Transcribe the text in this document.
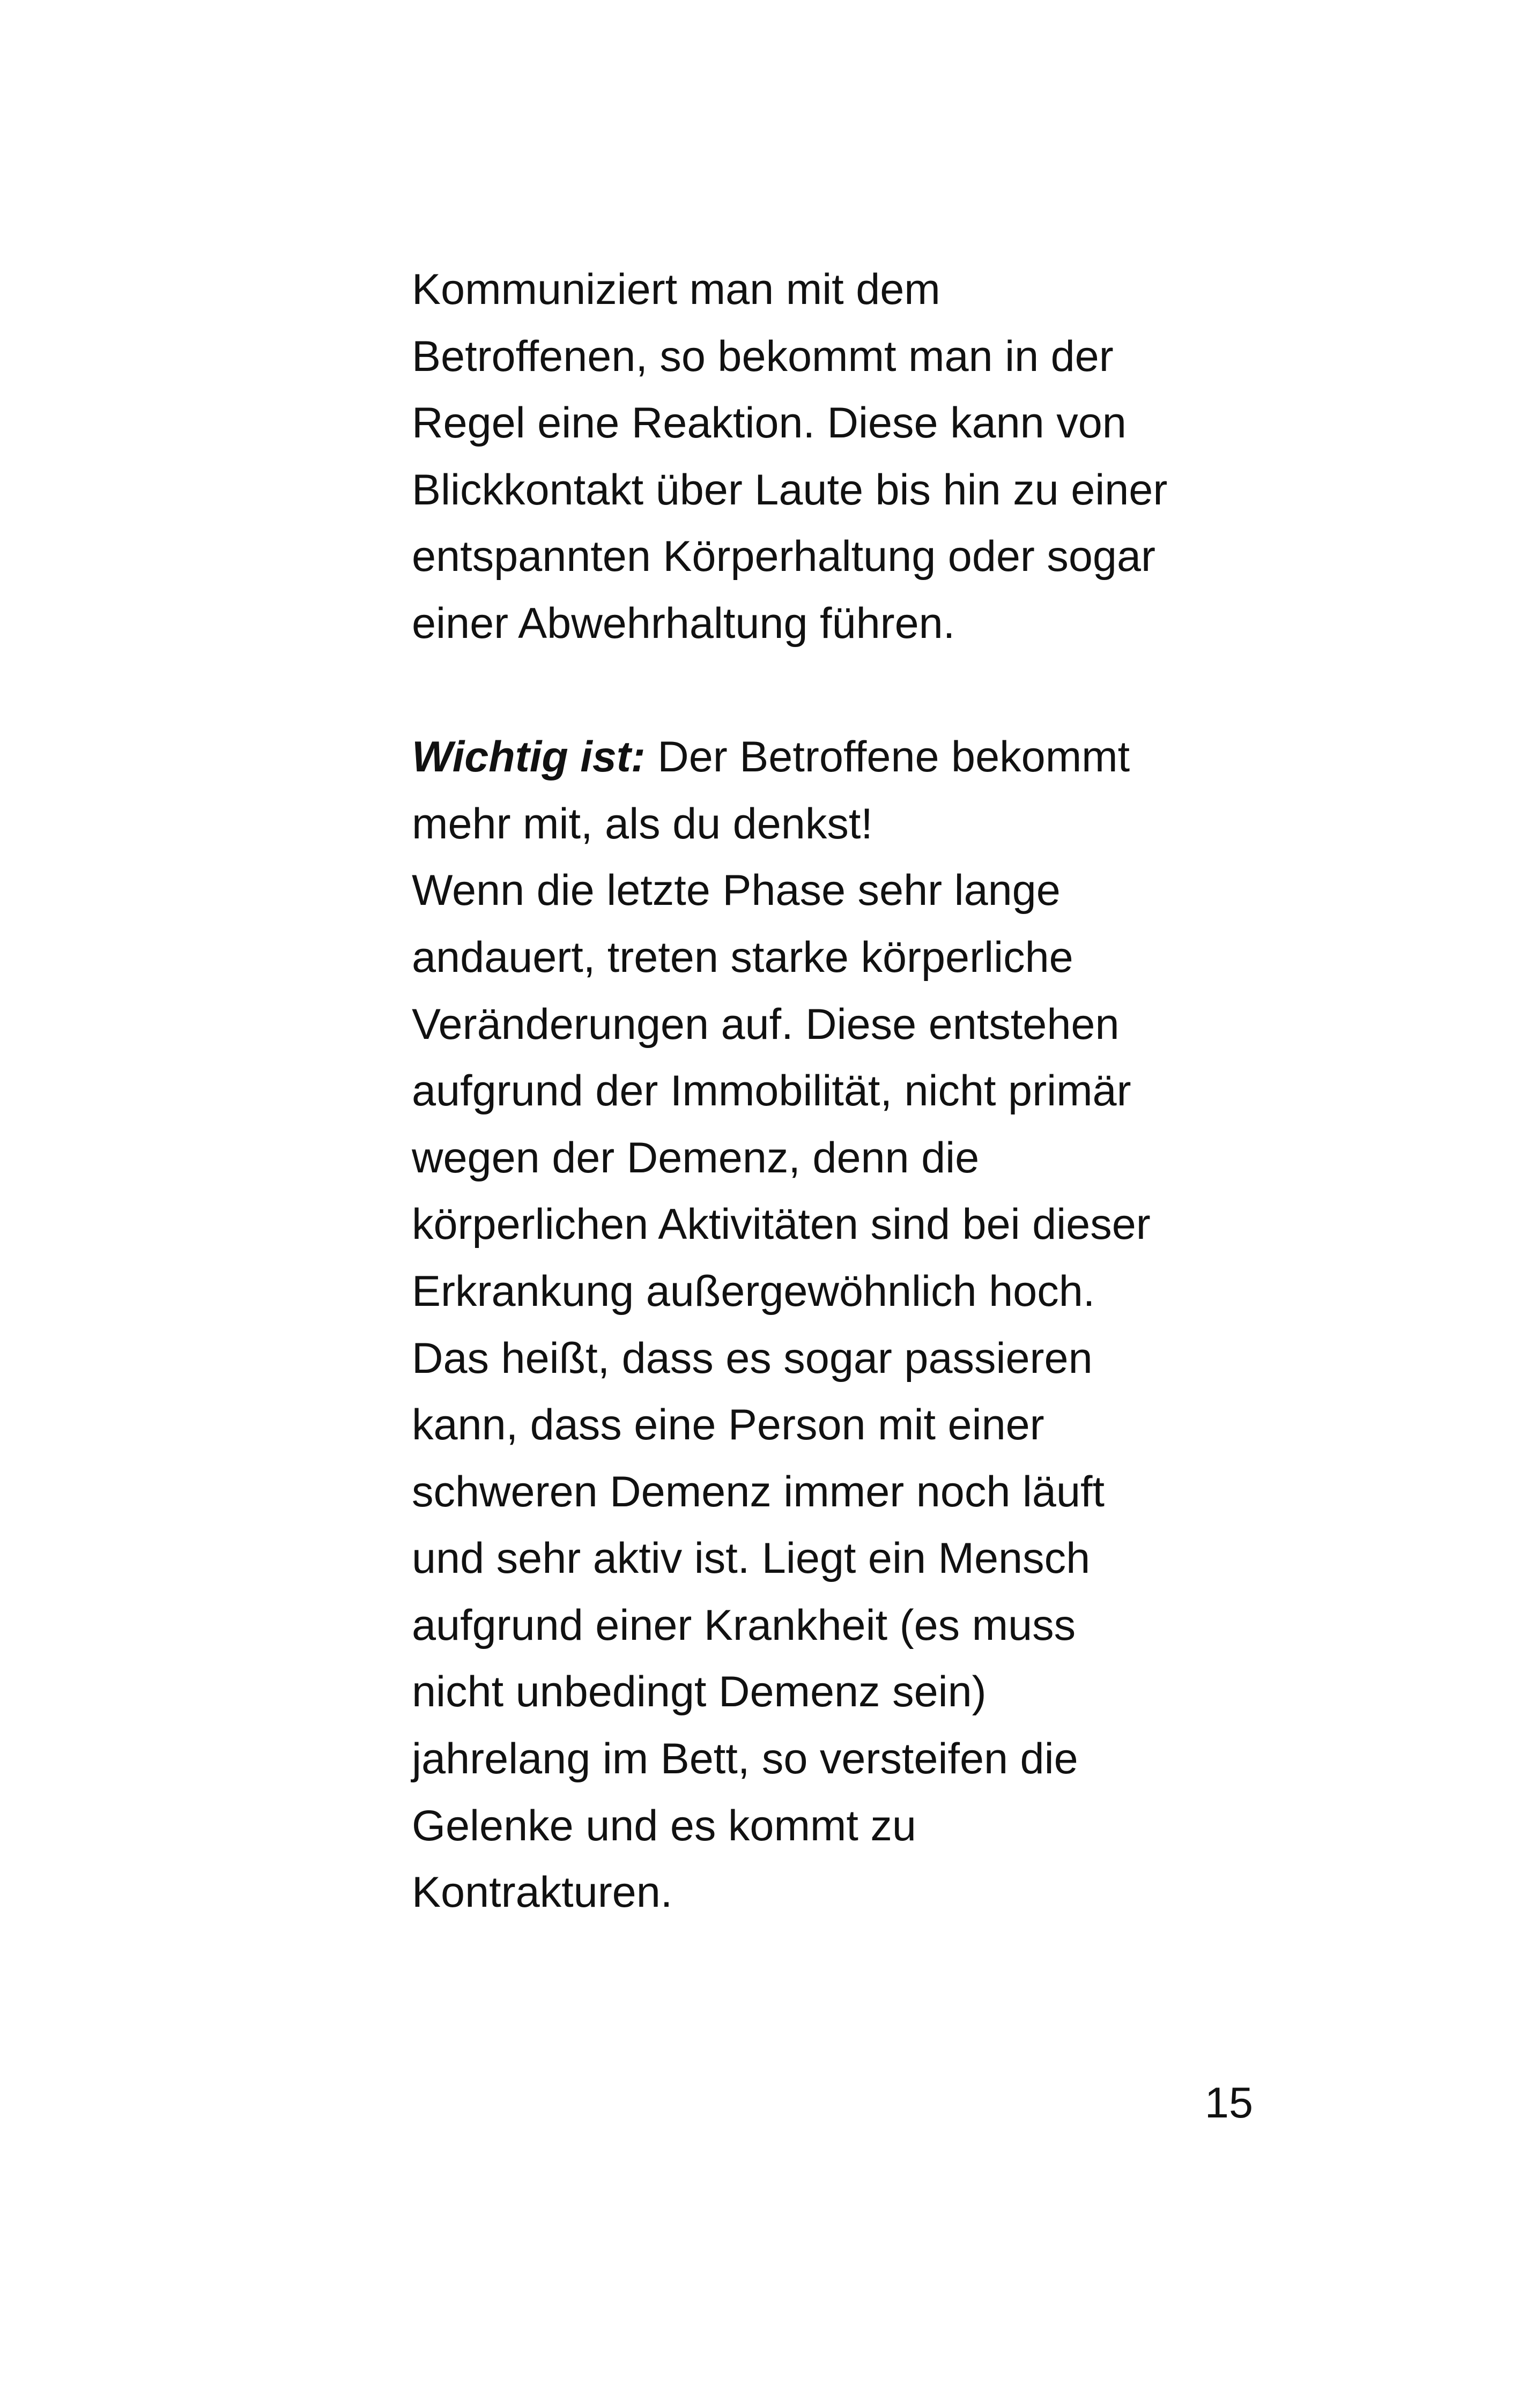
Kommuniziert man mit dem
Betroffenen, so bekommt man in der
Regel eine Reaktion. Diese kann von
Blickkontakt über Laute bis hin zu einer
entspannten Körperhaltung oder sogar
einer Abwehrhaltung führen.
Wichtig ist: Der Betroffene bekommt
mehr mit, als du denkst!
Wenn die letzte Phase sehr lange
andauert, treten starke körperliche
Veränderungen auf. Diese entstehen
aufgrund der Immobilität, nicht primär
wegen der Demenz, denn die
körperlichen Aktivitäten sind bei dieser
Erkrankung außergewöhnlich hoch.
Das heißt, dass es sogar passieren
kann, dass eine Person mit einer
schweren Demenz immer noch läuft
und sehr aktiv ist. Liegt ein Mensch
aufgrund einer Krankheit (es muss
nicht unbedingt Demenz sein)
jahrelang im Bett, so versteifen die
Gelenke und es kommt zu
Kontrakturen.
15
